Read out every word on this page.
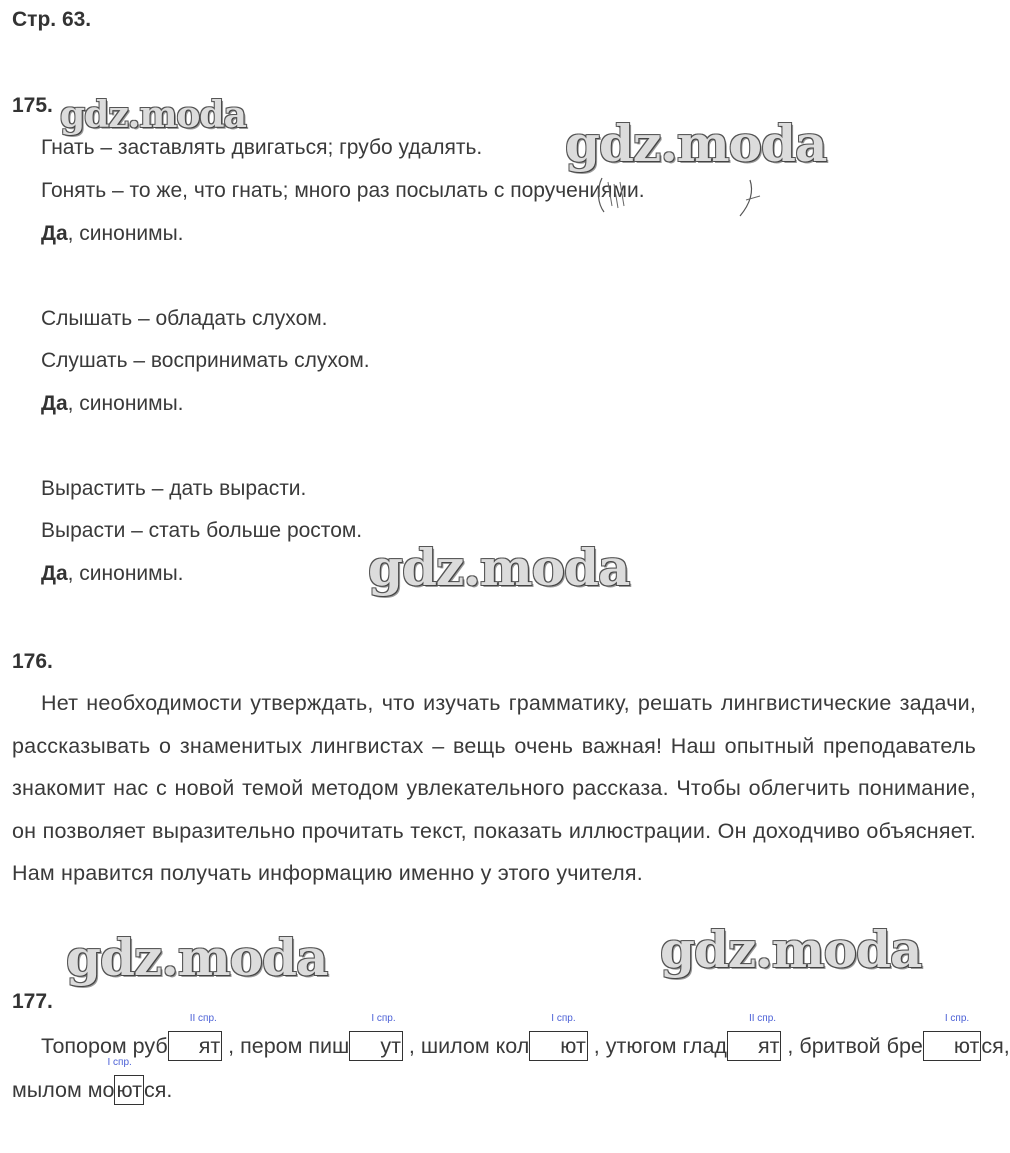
Стр. 63.
175.
Гнать – заставлять двигаться; грубо удалять.
Гонять – то же, что гнать; много раз посылать с поручениями.
Да, синонимы.
Слышать – обладать слухом.
Слушать – воспринимать слухом.
Да, синонимы.
Вырастить – дать вырасти.
Вырасти – стать больше ростом.
Да, синонимы.
176.
Нет необходимости утверждать, что изучать грамматику, решать лингвистические задачи, рассказывать о знаменитых лингвистах – вещь очень важная! Наш опытный преподаватель знакомит нас с новой темой методом увлекательного рассказа. Чтобы облегчить понимание, он позволяет выразительно прочитать текст, показать иллюстрации. Он доходчиво объясняет. Нам нравится получать информацию именно у этого учителя.
177.
Топором руб
II спр.
ят , пером пиш
I спр.
ут , шилом кол
I спр.
ют , утюгом глад
II спр.
ят , бритвой бре
I спр.
ются,
мылом мо
I спр.
ются.
gdz.moda	gdz.moda
gdz.moda
gdz.moda	gdz.moda
